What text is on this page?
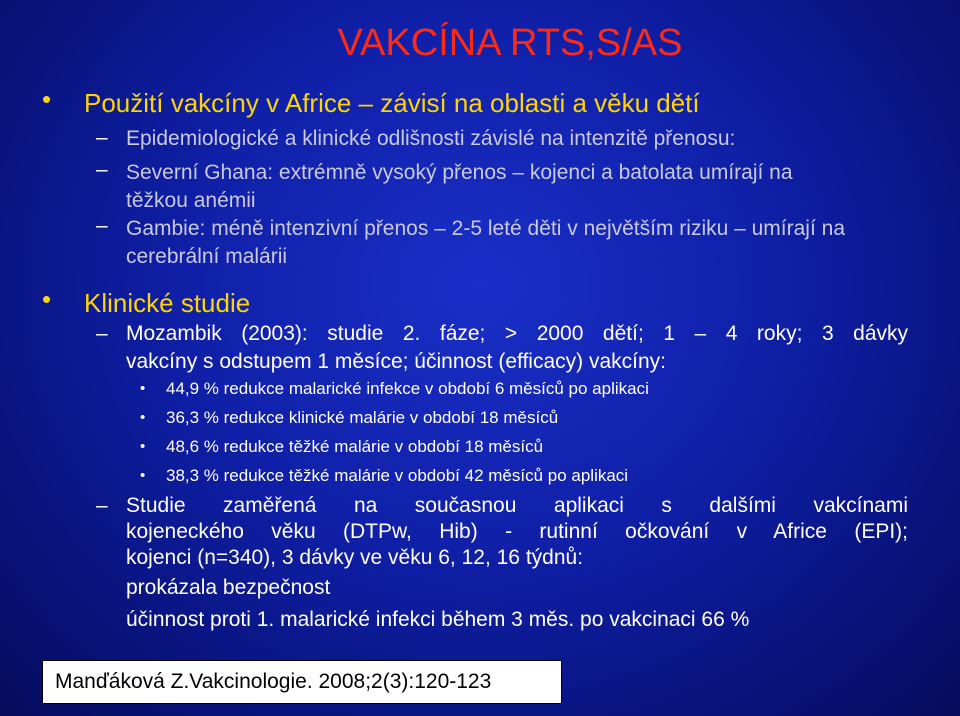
VAKCÍNA RTS,S/AS
• Použití vakcíny v Africe – závisí na oblasti a věku dětí
– Epidemiologické a klinické odlišnosti závislé na intenzitě přenosu:
– Severní Ghana: extrémně vysoký přenos – kojenci a batolata umírají na těžkou anémii
– Gambie: méně intenzivní přenos – 2-5 leté děti v největším riziku – umírají na cerebrální malárii
• Klinické studie
– Mozambik (2003): studie 2. fáze; > 2000 dětí; 1 – 4 roky; 3 dávky
vakcíny s odstupem 1 měsíce; účinnost (efficacy) vakcíny:
• 44,9 % redukce malarické infekce v období 6 měsíců po aplikaci
• 36,3 % redukce klinické malárie v období 18 měsíců
• 48,6 % redukce těžké malárie v období 18 měsíců
• 38,3 % redukce těžké malárie v období 42 měsíců po aplikaci
– Studie zaměřená na současnou aplikaci s dalšími vakcínami
kojeneckého věku (DTPw, Hib) - rutinní očkování v Africe (EPI);
kojenci (n=340), 3 dávky ve věku 6, 12, 16 týdnů:
prokázala bezpečnost
účinnost proti 1. malarické infekci během 3 měs. po vakcinaci 66 %
Manďáková Z.Vakcinologie. 2008;2(3):120-123
